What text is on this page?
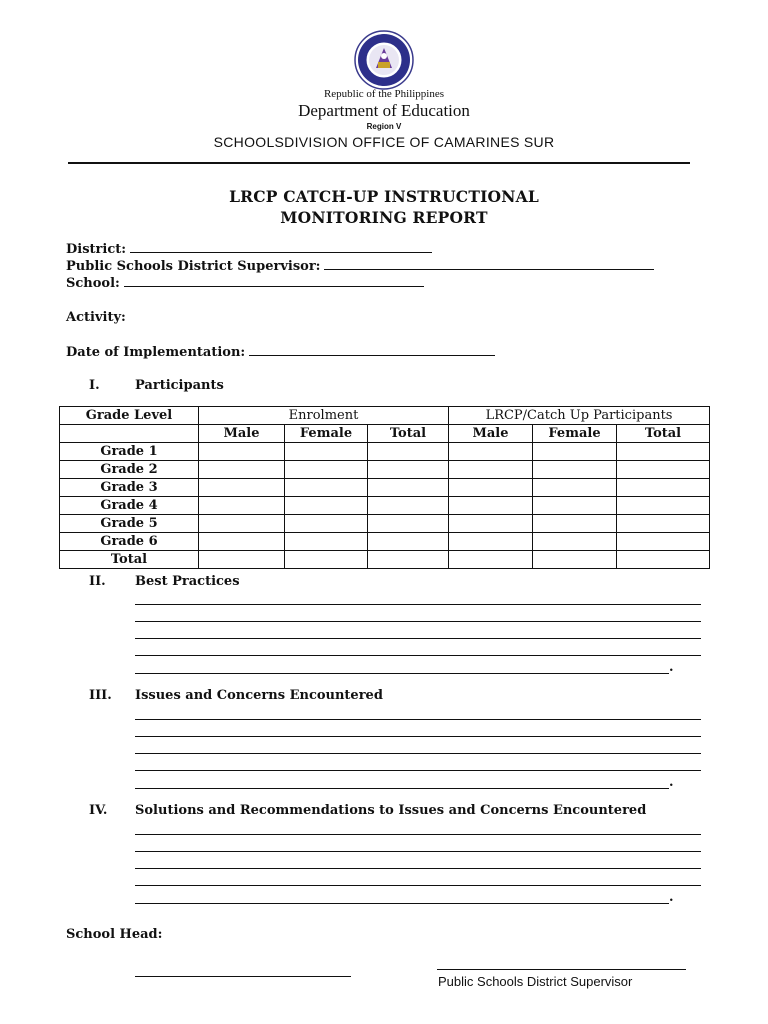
Republic of the Philippines
Department of Education
Region V
SCHOOLSDIVISION OFFICE OF CAMARINES SUR
LRCP CATCH-UP INSTRUCTIONAL
MONITORING REPORT
District:
Public Schools District Supervisor:
School:
Activity:
Date of Implementation:
I.	Participants
Grade Level	Enrolment			LRCP/Catch Up Participants		
	Male	Female	Total	Male	Female	Total
Grade 1						
Grade 2						
Grade 3						
Grade 4						
Grade 5						
Grade 6						
Total						
II. Best Practices
.
III. Issues and Concerns Encountered
.
IV. Solutions and Recommendations to Issues and Concerns Encountered
.
School Head:
Public Schools District Supervisor
